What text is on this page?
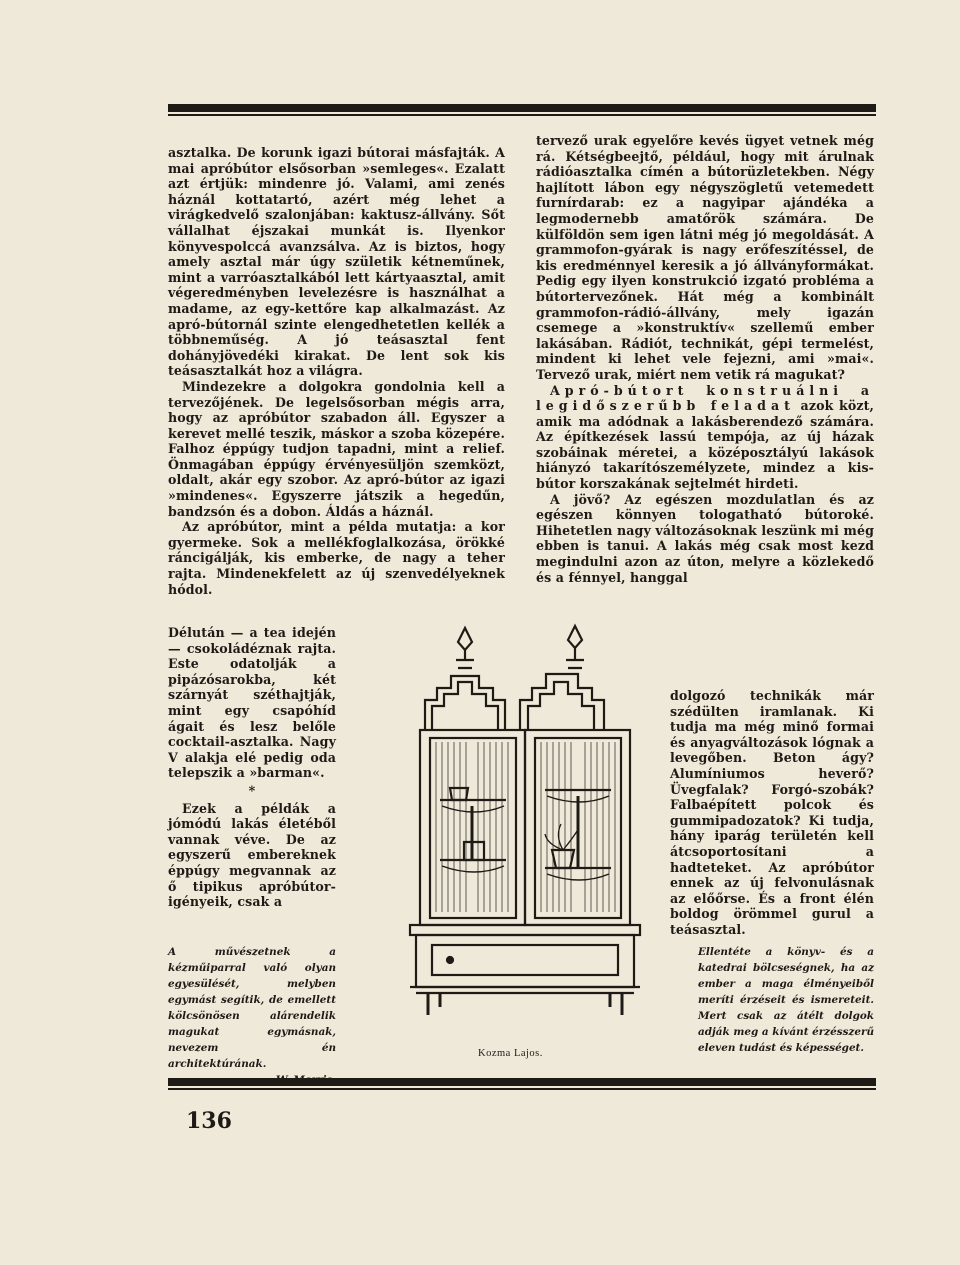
asztalka. De korunk igazi bútorai másfajták. A mai apróbútor elsősorban »semleges«. Ezalatt azt értjük: mindenre jó. Valami, ami zenés háznál kottatartó, azért még lehet a virágkedvelő szalonjában: kaktusz-állvány. Sőt vállalhat éjszakai munkát is. Ilyenkor könyvespolccá avanzsálva. Az is biztos, hogy amely asztal már úgy születik kétneműnek, mint a varróasztalkából lett kártyaasztal, amit végeredményben levelezésre is használhat a madame, az egy-kettőre kap alkalmazást. Az apró-bútornál szinte elengedhetetlen kellék a többneműség. A jó teásasztal fent dohányjövedéki kirakat. De lent sok kis teásasztalkát hoz a világra.

Mindezekre a dolgokra gondolnia kell a tervezőjének. De legelsősorban mégis arra, hogy az apróbútor szabadon áll. Egyszer a kerevet mellé teszik, máskor a szoba közepére. Falhoz éppúgy tudjon tapadni, mint a relief. Önmagában éppúgy érvényesüljön szemközt, oldalt, akár egy szobor. Az apró-bútor az igazi »mindenes«. Egyszerre játszik a hegedűn, bandzsón és a dobon. Áldás a háznál.

Az apróbútor, mint a példa mutatja: a kor gyermeke. Sok a mellékfoglalkozása, örökké ráncigálják, kis emberke, de nagy a teher rajta. Mindenekfelett az új szenvedélyeknek hódol.

Délután — a tea idején — csokoládéznak rajta. Este odatolják a pipázósarokba, két szárnyát széthajtják, mint egy csapóhíd ágait és lesz belőle cocktail-asztalka. Nagy V alakja elé pedig oda telepszik a »barman«.

*

Ezek a példák a jómódú lakás életéből vannak véve. De az egyszerű embereknek éppúgy megvannak az ő tipikus apróbútor-igényeik, csak a

tervező urak egyelőre kevés ügyet vetnek még rá. Kétségbeejtő, például, hogy mit árulnak rádióasztalka címén a bútorüzletekben. Négy hajlított lábon egy négyszögletű vetemedett furnírdarab: ez a nagyipar ajándéka a legmodernebb amatőrök számára. De külföldön sem igen látni még jó megoldását. A grammofon-gyárak is nagy erőfeszítéssel, de kis eredménnyel keresik a jó állványformákat. Pedig egy ilyen konstrukció izgató probléma a bútortervezőnek. Hát még a kombinált grammofon-rádió-állvány, mely igazán csemege a »konstruktív« szellemű ember lakásában. Rádiót, technikát, gépi termelést, mindent ki lehet vele fejezni, ami »mai«. Tervező urak, miért nem vetik rá magukat?

Apró-bútort konstruálni a legidőszerűbb feladat azok közt, amik ma adódnak a lakásberendező számára. Az építkezések lassú tempója, az új házak szobáinak méretei, a középosztályú lakások hiányzó takarítószemélyzete, mindez a kis-bútor korszakának sejtelmét hirdeti.

A jövő? Az egészen mozdulatlan és az egészen könnyen tologatható bútoroké. Hihetetlen nagy változásoknak leszünk mi még ebben is tanui. A lakás még csak most kezd megindulni azon az úton, melyre a közlekedő és a fénnyel, hanggal

dolgozó technikák már szédülten iramlanak. Ki tudja ma még minő formai és anyagváltozások lógnak a levegőben. Beton ágy? Alumíniumos heverő? Üvegfalak? Forgó-szobák? Falbaépített polcok és gummipadozatok? Ki tudja, hány iparág területén kell átcsoportosítani a hadteteket. Az apróbútor ennek az új felvonulásnak az előőrse. És a front élén boldog örömmel gurul a teásasztal.

A művészetnek a kézműiparral való olyan egyesülését, melyben egymást segítik, de emellett kölcsönösen alárendelik magukat egymásnak, nevezem én architektúrának.
Kozma Lajos.
Ellentéte a könyv- és a katedrai bölcseségnek, ha az ember a maga élményeiből meríti érzéseit és ismereteit. Mert csak az átélt dolgok adják meg a kívánt érzésszerű eleven tudást és képességet.
136
